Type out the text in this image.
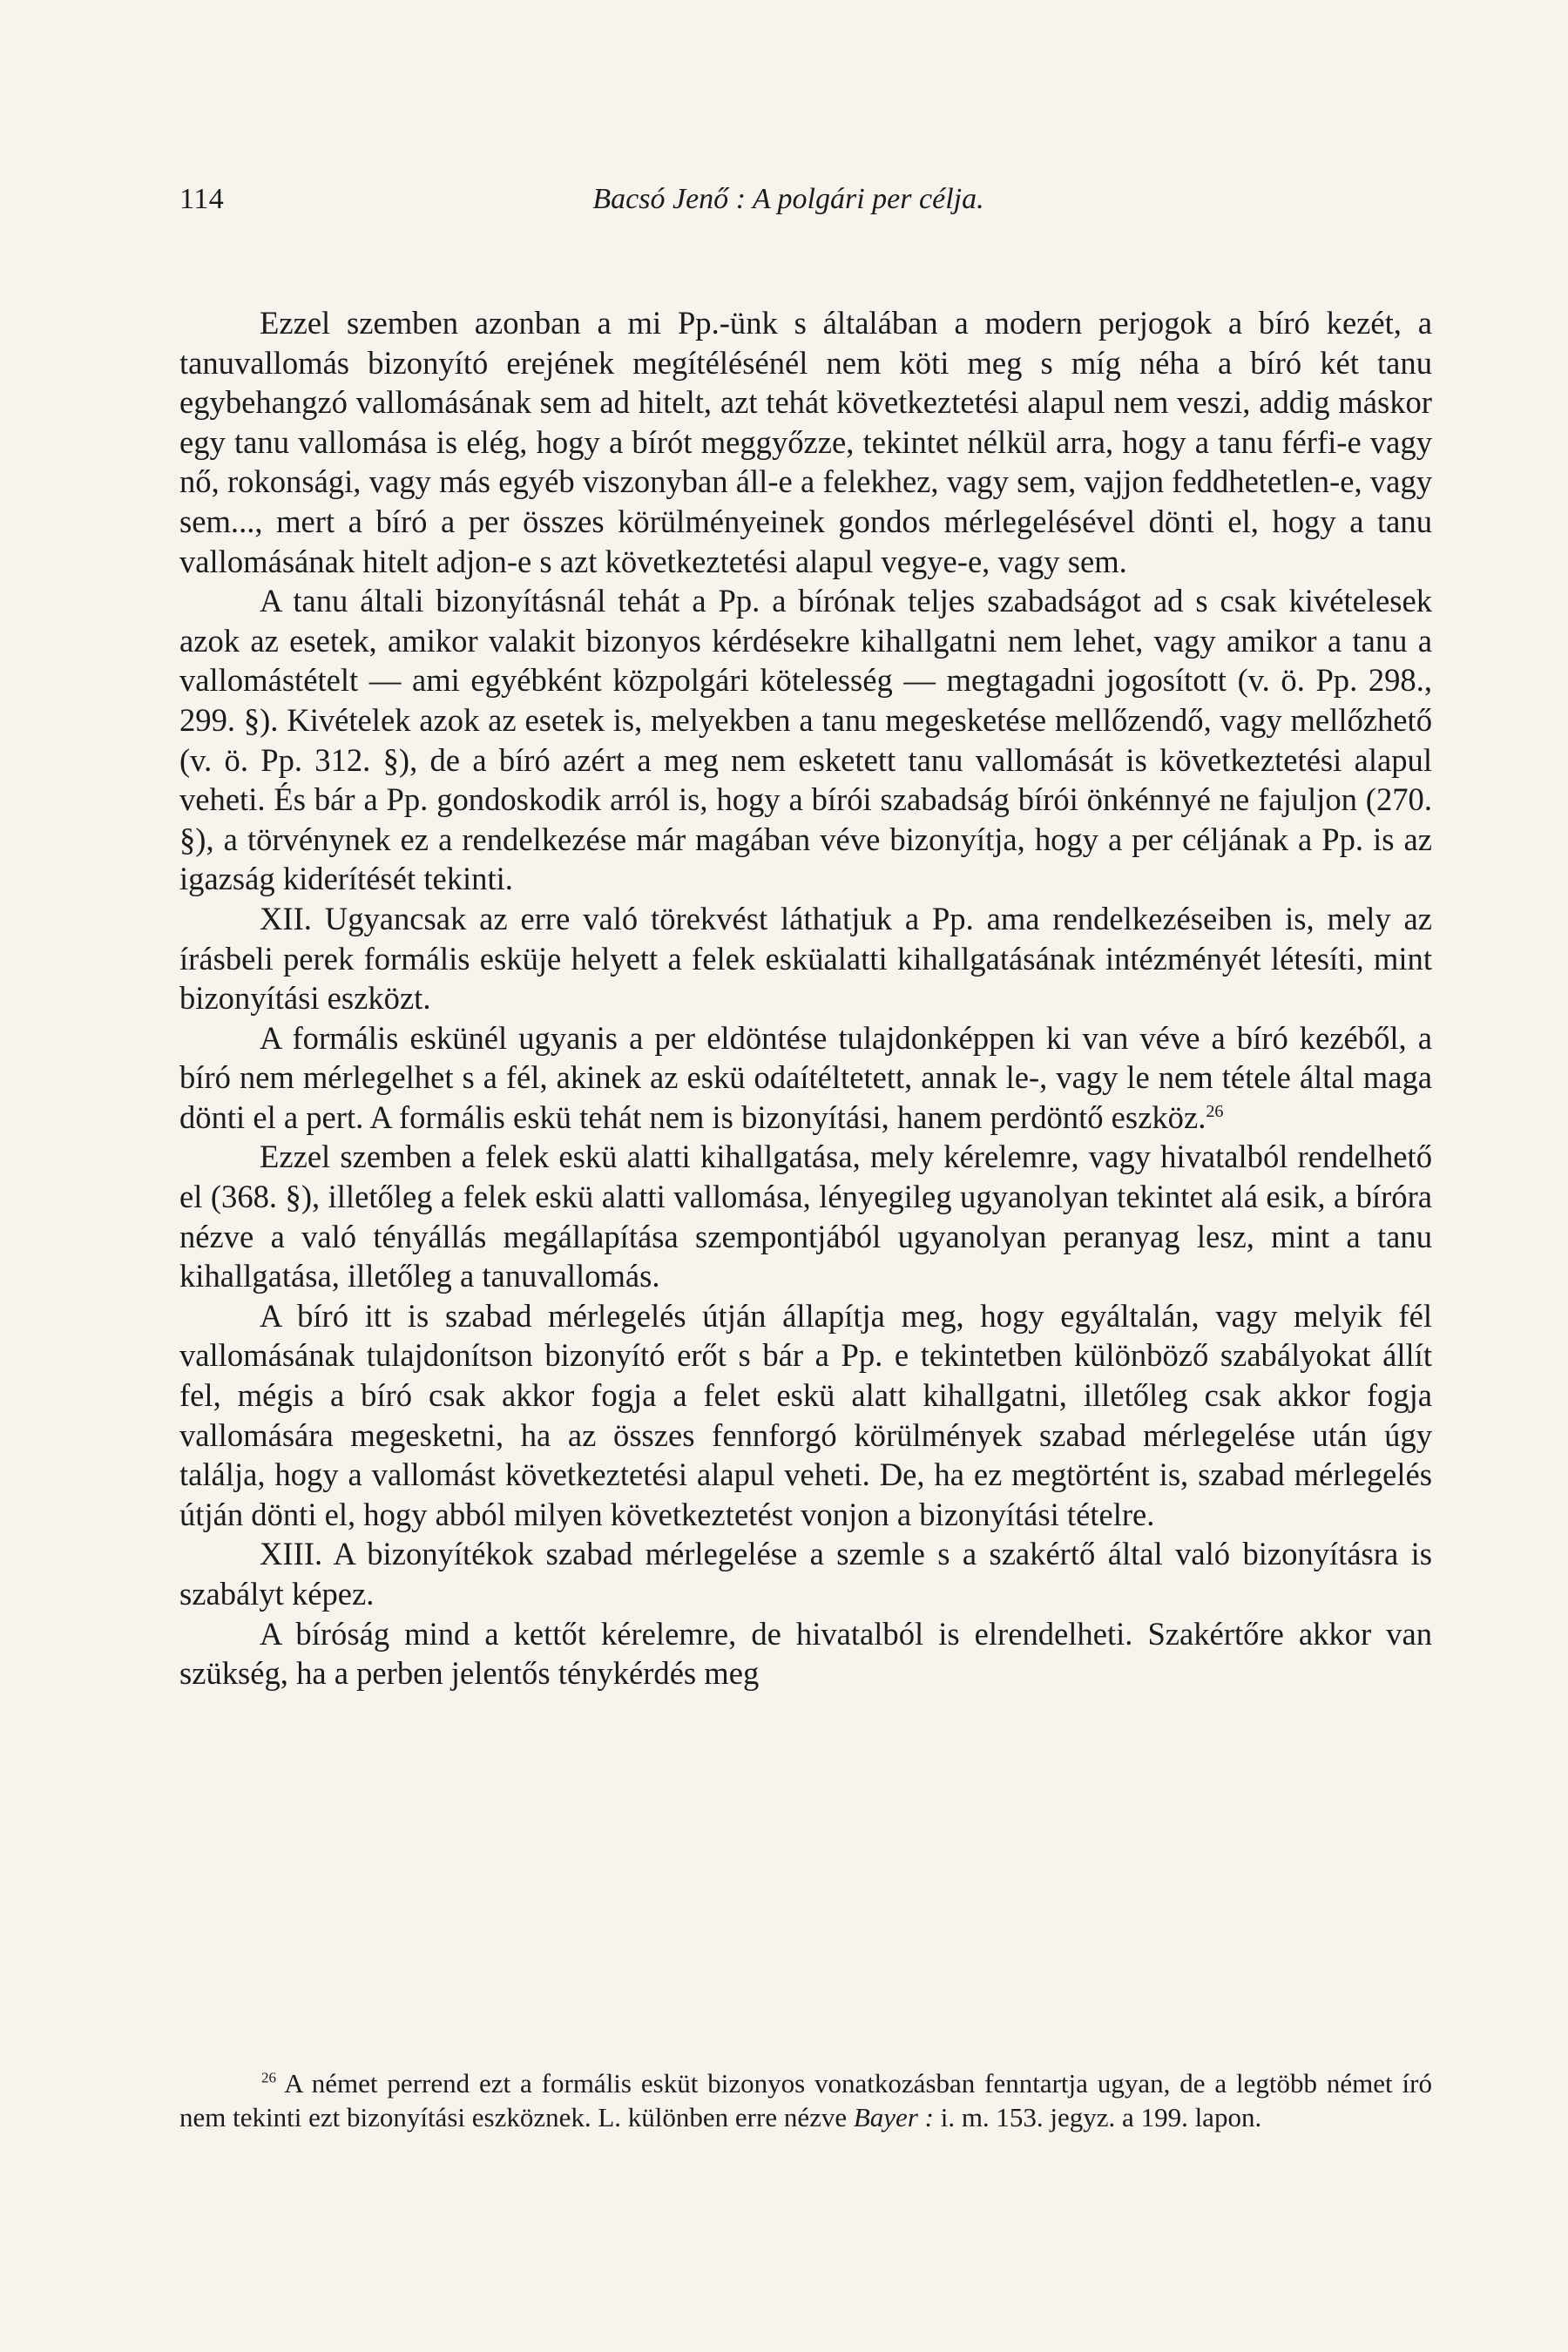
114	Bacsó Jenő : A polgári per célja.

Ezzel szemben azonban a mi Pp.-ünk s általában a modern perjogok a bíró kezét, a tanuvallomás bizonyító erejének megítélésénél nem köti meg s míg néha a bíró két tanu egybehangzó vallomásának sem ad hitelt, azt tehát következtetési alapul nem veszi, addig máskor egy tanu vallomása is elég, hogy a bírót meggyőzze, tekintet nélkül arra, hogy a tanu férfi-e vagy nő, rokonsági, vagy más egyéb viszonyban áll-e a felekhez, vagy sem, vajjon feddhetetlen-e, vagy sem..., mert a bíró a per összes körülményeinek gondos mérlegelésével dönti el, hogy a tanu vallomásának hitelt adjon-e s azt következtetési alapul vegye-e, vagy sem.

A tanu általi bizonyításnál tehát a Pp. a bírónak teljes szabadságot ad s csak kivételesek azok az esetek, amikor valakit bizonyos kérdésekre kihallgatni nem lehet, vagy amikor a tanu a vallomástételt — ami egyébként közpolgári kötelesség — megtagadni jogosított (v. ö. Pp. 298., 299. §). Kivételek azok az esetek is, melyekben a tanu megesketése mellőzendő, vagy mellőzhető (v. ö. Pp. 312. §), de a bíró azért a meg nem esketett tanu vallomását is következtetési alapul veheti. És bár a Pp. gondoskodik arról is, hogy a bírói szabadság bírói önkénnyé ne fajuljon (270. §), a törvénynek ez a rendelkezése már magában véve bizonyítja, hogy a per céljának a Pp. is az igazság kiderítését tekinti.

XII. Ugyancsak az erre való törekvést láthatjuk a Pp. ama rendelkezéseiben is, mely az írásbeli perek formális esküje helyett a felek esküalatti kihallgatásának intézményét létesíti, mint bizonyítási eszközt.

A formális eskünél ugyanis a per eldöntése tulajdonképpen ki van véve a bíró kezéből, a bíró nem mérlegelhet s a fél, akinek az eskü odaítéltetett, annak le-, vagy le nem tétele által maga dönti el a pert. A formális eskü tehát nem is bizonyítási, hanem perdöntő eszköz.$^{26}$

Ezzel szemben a felek eskü alatti kihallgatása, mely kérelemre, vagy hivatalból rendelhető el (368. §), illetőleg a felek eskü alatti vallomása, lényegileg ugyanolyan tekintet alá esik, a bíróra nézve a való tényállás megállapítása szempontjából ugyanolyan peranyag lesz, mint a tanu kihallgatása, illetőleg a tanuvallomás.

A bíró itt is szabad mérlegelés útján állapítja meg, hogy egyáltalán, vagy melyik fél vallomásának tulajdonítson bizonyító erőt s bár a Pp. e tekintetben különböző szabályokat állít fel, mégis a bíró csak akkor fogja a felet eskü alatt kihallgatni, illetőleg csak akkor fogja vallomására megesketni, ha az összes fennforgó körülmények szabad mérlegelése után úgy találja, hogy a vallomást következtetési alapul veheti. De, ha ez megtörtént is, szabad mérlegelés útján dönti el, hogy abból milyen következtetést vonjon a bizonyítási tételre.

XIII. A bizonyítékok szabad mérlegelése a szemle s a szakértő által való bizonyításra is szabályt képez.

A bíróság mind a kettőt kérelemre, de hivatalból is elrendelheti. Szakértőre akkor van szükség, ha a perben jelentős ténykérdés meg

$^{26}$ A német perrend ezt a formális esküt bizonyos vonatkozásban fenntartja ugyan, de a legtöbb német író nem tekinti ezt bizonyítási eszköznek. L. különben erre nézve Bayer : i. m. 153. jegyz. a 199. lapon.
